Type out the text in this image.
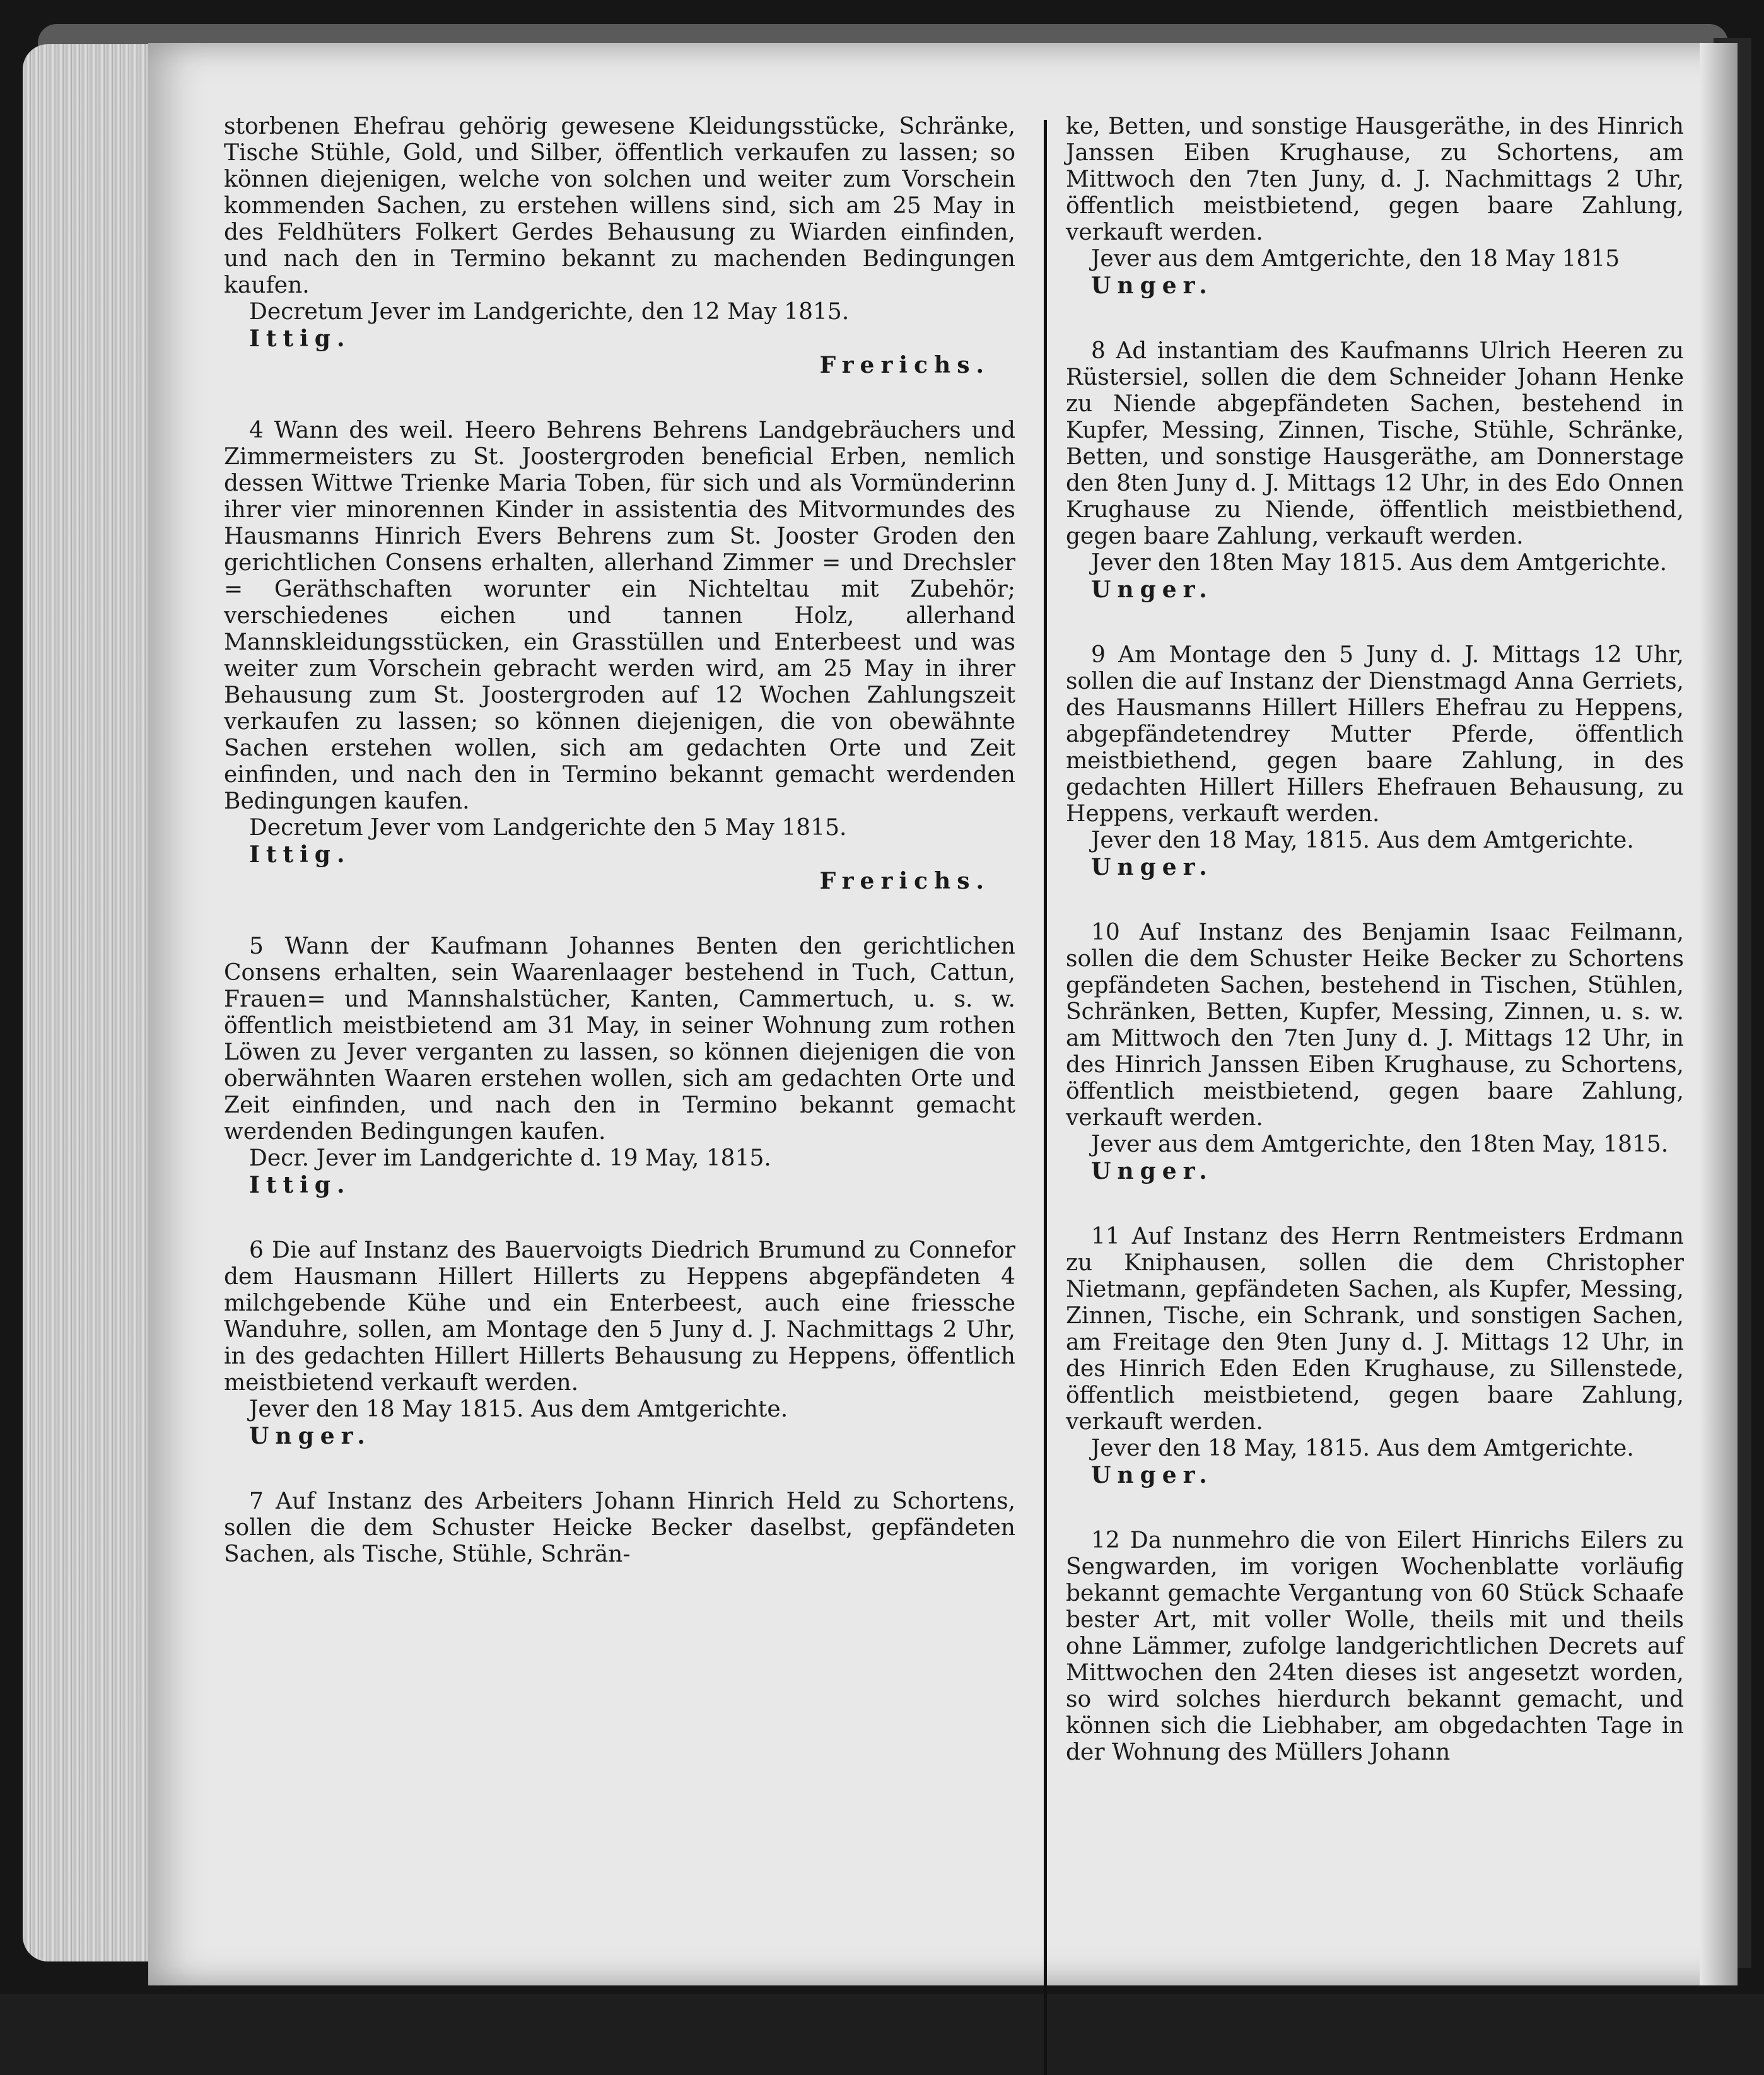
storbenen Ehefrau gehörig gewesene Kleidungsstücke, Schränke, Tische Stühle, Gold, und Silber, öffentlich verkaufen zu lassen; so können diejenigen, welche von solchen und weiter zum Vorschein kommenden Sachen, zu erstehen willens sind, sich am 25 May in des Feldhüters Folkert Gerdes Behausung zu Wiarden einfinden, und nach den in Termino bekannt zu machenden Bedingungen kaufen.

Decretum Jever im Landgerichte, den 12 May 1815.

Ittig.

Frerichs.

4 Wann des weil. Heero Behrens Behrens Landgebräuchers und Zimmermeisters zu St. Joostergroden beneficial Erben, nemlich dessen Wittwe Trienke Maria Toben, für sich und als Vormünderinn ihrer vier minorennen Kinder in assistentia des Mitvormundes des Hausmanns Hinrich Evers Behrens zum St. Jooster Groden den gerichtlichen Consens erhalten, allerhand Zimmer = und Drechsler = Geräthschaften worunter ein Nichteltau mit Zubehör; verschiedenes eichen und tannen Holz, allerhand Mannskleidungsstücken, ein Grasstüllen und Enterbeest und was weiter zum Vorschein gebracht werden wird, am 25 May in ihrer Behausung zum St. Joostergroden auf 12 Wochen Zahlungszeit verkaufen zu lassen; so können diejenigen, die von obewähnte Sachen erstehen wollen, sich am gedachten Orte und Zeit einfinden, und nach den in Termino bekannt gemacht werdenden Bedingungen kaufen.

Decretum Jever vom Landgerichte den 5 May 1815.

Ittig.

Frerichs.

5 Wann der Kaufmann Johannes Benten den gerichtlichen Consens erhalten, sein Waarenlaager bestehend in Tuch, Cattun, Frauen= und Mannshalstücher, Kanten, Cammertuch, u. s. w. öffentlich meistbietend am 31 May, in seiner Wohnung zum rothen Löwen zu Jever verganten zu lassen, so können diejenigen die von oberwähnten Waaren erstehen wollen, sich am gedachten Orte und Zeit einfinden, und nach den in Termino bekannt gemacht werdenden Bedingungen kaufen.

Decr. Jever im Landgerichte d. 19 May, 1815.

Ittig.

6 Die auf Instanz des Bauervoigts Diedrich Brumund zu Connefor dem Hausmann Hillert Hillerts zu Heppens abgepfändeten 4 milchgebende Kühe und ein Enterbeest, auch eine friessche Wanduhre, sollen, am Montage den 5 Juny d. J. Nachmittags 2 Uhr, in des gedachten Hillert Hillerts Behausung zu Heppens, öffentlich meistbietend verkauft werden.

Jever den 18 May 1815. Aus dem Amtgerichte.

Unger.

7 Auf Instanz des Arbeiters Johann Hinrich Held zu Schortens, sollen die dem Schuster Heicke Becker daselbst, gepfändeten Sachen, als Tische, Stühle, Schrän-

ke, Betten, und sonstige Hausgeräthe, in des Hinrich Janssen Eiben Krughause, zu Schortens, am Mittwoch den 7ten Juny, d. J. Nachmittags 2 Uhr, öffentlich meistbietend, gegen baare Zahlung, verkauft werden.

Jever aus dem Amtgerichte, den 18 May 1815

Unger.

8 Ad instantiam des Kaufmanns Ulrich Heeren zu Rüstersiel, sollen die dem Schneider Johann Henke zu Niende abgepfändeten Sachen, bestehend in Kupfer, Messing, Zinnen, Tische, Stühle, Schränke, Betten, und sonstige Hausgeräthe, am Donnerstage den 8ten Juny d. J. Mittags 12 Uhr, in des Edo Onnen Krughause zu Niende, öffentlich meistbiethend, gegen baare Zahlung, verkauft werden.

Jever den 18ten May 1815. Aus dem Amtgerichte.

Unger.

9 Am Montage den 5 Juny d. J. Mittags 12 Uhr, sollen die auf Instanz der Dienstmagd Anna Gerriets, des Hausmanns Hillert Hillers Ehefrau zu Heppens, abgepfändetendrey Mutter Pferde, öffentlich meistbiethend, gegen baare Zahlung, in des gedachten Hillert Hillers Ehefrauen Behausung, zu Heppens, verkauft werden.

Jever den 18 May, 1815. Aus dem Amtgerichte.

Unger.

10 Auf Instanz des Benjamin Isaac Feilmann, sollen die dem Schuster Heike Becker zu Schortens gepfändeten Sachen, bestehend in Tischen, Stühlen, Schränken, Betten, Kupfer, Messing, Zinnen, u. s. w. am Mittwoch den 7ten Juny d. J. Mittags 12 Uhr, in des Hinrich Janssen Eiben Krughause, zu Schortens, öffentlich meistbietend, gegen baare Zahlung, verkauft werden.

Jever aus dem Amtgerichte, den 18ten May, 1815.

Unger.

11 Auf Instanz des Herrn Rentmeisters Erdmann zu Kniphausen, sollen die dem Christopher Nietmann, gepfändeten Sachen, als Kupfer, Messing, Zinnen, Tische, ein Schrank, und sonstigen Sachen, am Freitage den 9ten Juny d. J. Mittags 12 Uhr, in des Hinrich Eden Eden Krughause, zu Sillenstede, öffentlich meistbietend, gegen baare Zahlung, verkauft werden.

Jever den 18 May, 1815. Aus dem Amtgerichte.

Unger.

12 Da nunmehro die von Eilert Hinrichs Eilers zu Sengwarden, im vorigen Wochenblatte vorläufig bekannt gemachte Vergantung von 60 Stück Schaafe bester Art, mit voller Wolle, theils mit und theils ohne Lämmer, zufolge landgerichtlichen Decrets auf Mittwochen den 24ten dieses ist angesetzt worden, so wird solches hierdurch bekannt gemacht, und können sich die Liebhaber, am obgedachten Tage in der Wohnung des Müllers Johann
